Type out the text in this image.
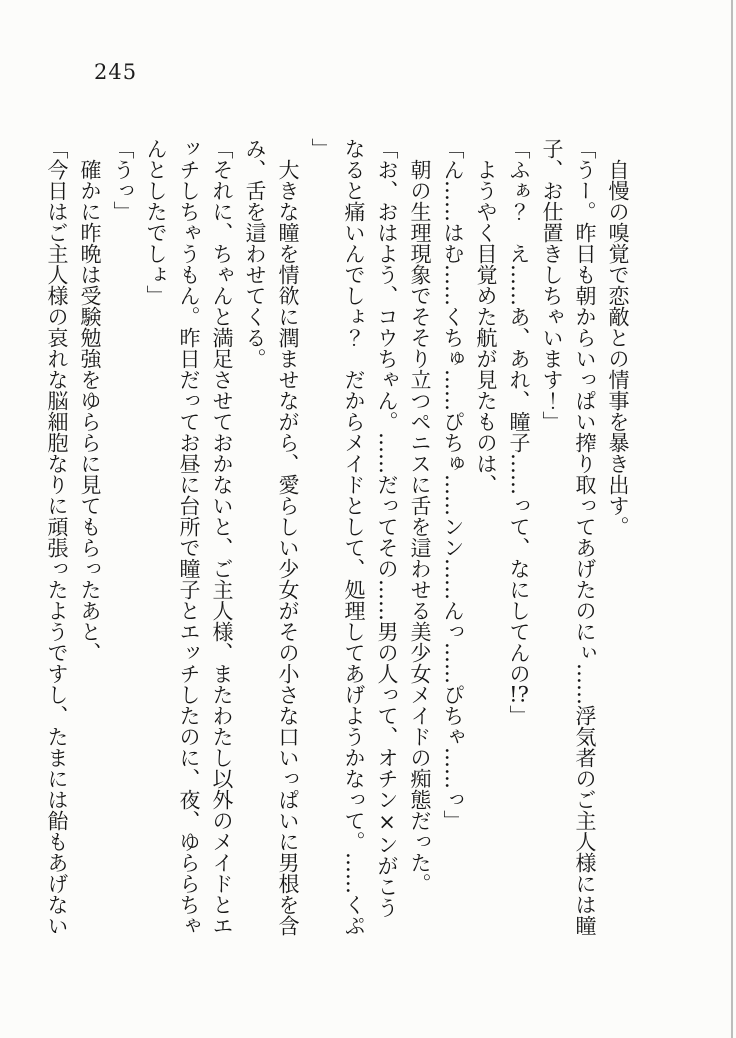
245

自慢の嗅覚で恋敵との情事を暴き出す。

「うー。昨日も朝からいっぱい搾り取ってあげたのにぃ……浮気者のご主人様には瞳子、お仕置きしちゃいます！」

「ふぁ？　え……あ、あれ、瞳子……って、なにしてんの!?」

ようやく目覚めた航が見たものは、

「ん……はむ……くちゅ……ぴちゅ……ンン……んっ……ぴちゃ……っ」

朝の生理現象でそそり立つペニスに舌を這わせる美少女メイドの痴態だった。

「お、おはよう、コウちゃん。……だってその……男の人って、オチン×ンがこうなると痛いんでしょ？　だからメイドとして、処理してあげようかなって。……くぷ」

大きな瞳を情欲に潤ませながら、愛らしい少女がその小さな口いっぱいに男根を含み、舌を這わせてくる。

「それに、ちゃんと満足させておかないと、ご主人様、またわたし以外のメイドとエッチしちゃうもん。昨日だってお昼に台所で瞳子とエッチしたのに、夜、ゆららちゃんとしたでしょ」

「うっ」

確かに昨晩は受験勉強をゆららに見てもらったあと、

「今日はご主人様の哀れな脳細胞なりに頑張ったようですし、たまには飴もあげない
